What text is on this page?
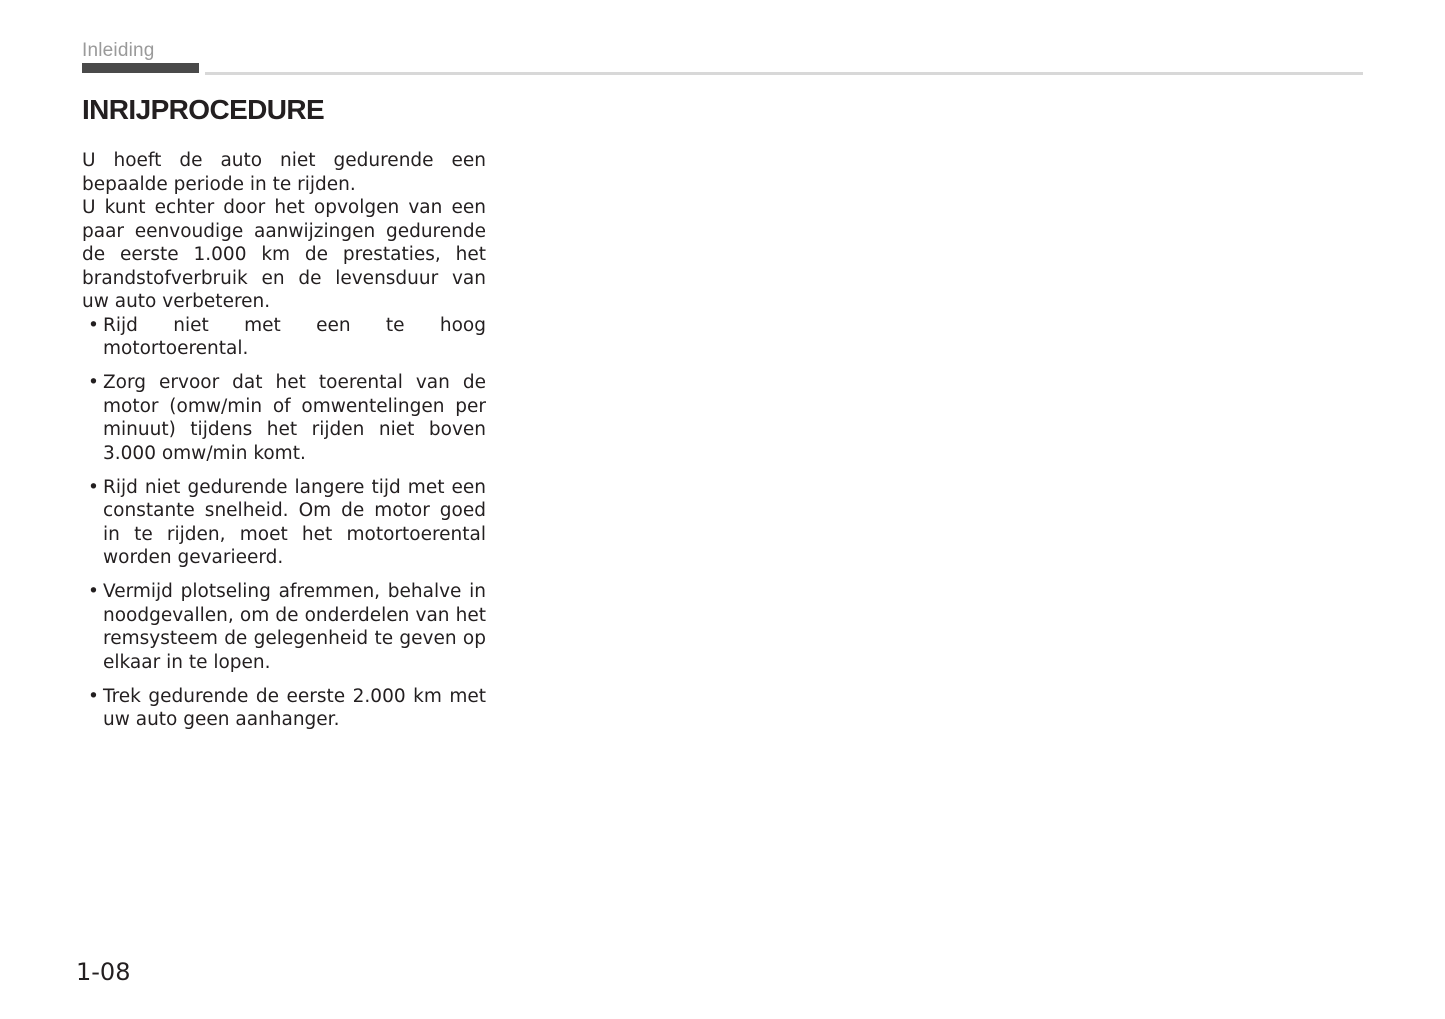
Inleiding
INRIJPROCEDURE

U hoeft de auto niet gedurende een bepaalde periode in te rijden.

U kunt echter door het opvolgen van een paar eenvoudige aanwijzingen gedurende de eerste 1.000 km de prestaties, het brandstofverbruik en de levensduur van uw auto verbeteren.

• Rijd niet met een te hoog motortoerental.
• Zorg ervoor dat het toerental van de motor (omw/min of omwentelingen per minuut) tijdens het rijden niet boven 3.000 omw/min komt.
• Rijd niet gedurende langere tijd met een constante snelheid. Om de motor goed in te rijden, moet het motortoerental worden gevarieerd.
• Vermijd plotseling afremmen, behalve in noodgevallen, om de onderdelen van het remsysteem de gelegenheid te geven op elkaar in te lopen.
• Trek gedurende de eerste 2.000 km met uw auto geen aanhanger.
1-08
